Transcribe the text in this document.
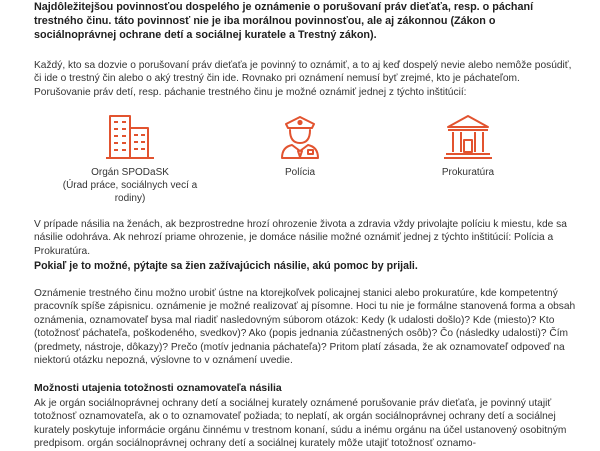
Najdôležitejšou povinnosťou dospelého je oznámenie o porušovaní práv dieťaťa, resp. o páchaní trestného činu. táto povinnosť nie je iba morálnou povinnosťou, ale aj zákonnou (Zákon o sociálnoprávnej ochrane detí a sociálnej kuratele a Trestný zákon).

Každý, kto sa dozvie o porušovaní práv dieťaťa je povinný to oznámiť, a to aj keď dospelý nevie alebo nemôže posúdiť, či ide o trestný čin alebo o aký trestný čin ide. Rovnako pri oznámení nemusí byť zrejmé, kto je páchateľom. Porušovanie práv detí, resp. páchanie trestného činu je možné oznámiť jednej z týchto inštitúcií:

Orgán SPODaSK
(Úrad práce, sociálnych vecí a rodiny)
Polícia	Prokuratúra

V prípade násilia na ženách, ak bezprostredne hrozí ohrozenie života a zdravia vždy privolajte políciu k miestu, kde sa násilie odohráva. Ak nehrozí priame ohrozenie, je domáce násilie možné oznámiť jednej z týchto inštitúcií: Polícia a Prokuratúra.

Pokiaľ je to možné, pýtajte sa žien zažívajúcich násilie, akú pomoc by prijali.

Oznámenie trestného činu možno urobiť ústne na ktorejkoľvek policajnej stanici alebo prokuratúre, kde kompetentný pracovník spíše zápisnicu. oznámenie je možné realizovať aj písomne. Hoci tu nie je formálne stanovená forma a obsah oznámenia, oznamovateľ bysa mal riadiť nasledovným súborom otázok: Kedy (k udalosti došlo)? Kde (miesto)? Kto (totožnosť páchateľa, poškodeného, svedkov)? Ako (popis jednania zúčastnených osôb)? Čo (následky udalosti)? Čím (predmety, nástroje, dôkazy)? Prečo (motív jednania páchateľa)? Pritom platí zásada, že ak oznamovateľ odpoveď na niektorú otázku nepozná, výslovne to v oznámení uvedie.

Možnosti utajenia totožnosti oznamovateľa násilia

Ak je orgán sociálnoprávnej ochrany detí a sociálnej kurately oznámené porušovanie práv dieťaťa, je povinný utajiť totožnosť oznamovateľa, ak o to oznamovateľ požiada; to neplatí, ak orgán sociálnoprávnej ochrany detí a sociálnej kurately poskytuje informácie orgánu činnému v trestnom konaní, súdu a inému orgánu na účel ustanovený osobitným predpisom. orgán sociálnoprávnej ochrany detí a sociálnej kurately môže utajiť totožnosť oznamo-
